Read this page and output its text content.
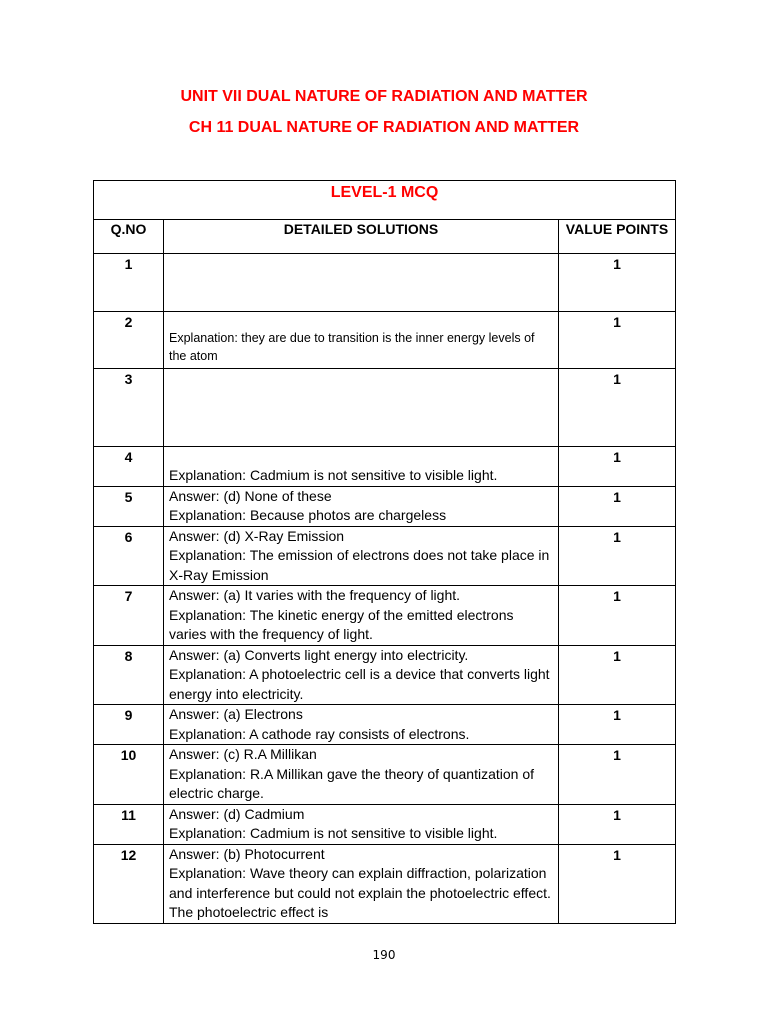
UNIT VII DUAL NATURE OF RADIATION AND MATTER

CH 11 DUAL NATURE OF RADIATION AND MATTER

LEVEL-1 MCQ		

Q.NO	DETAILED SOLUTIONS	VALUE POINTS

1		1

2	Explanation: they are due to transition is the inner energy levels of the atom	1

3		1

4	Explanation: Cadmium is not sensitive to visible light.	1

5	Answer: (d) None of these
Explanation: Because photos are chargeless	1

6	Answer: (d) X-Ray Emission
Explanation: The emission of electrons does not take place in X-Ray Emission	1

7	Answer: (a) It varies with the frequency of light.
Explanation: The kinetic energy of the emitted electrons varies with the frequency of light.	1

8	Answer: (a) Converts light energy into electricity.
Explanation: A photoelectric cell is a device that converts light energy into electricity.	1

9	Answer: (a) Electrons
Explanation: A cathode ray consists of electrons.	1

10	Answer: (c) R.A Millikan
Explanation: R.A Millikan gave the theory of quantization of electric charge.	1

11	Answer: (d) Cadmium
Explanation: Cadmium is not sensitive to visible light.	1

12	Answer: (b) Photocurrent
Explanation: Wave theory can explain diffraction, polarization and interference but could not explain the photoelectric effect. The photoelectric effect is	1
190
